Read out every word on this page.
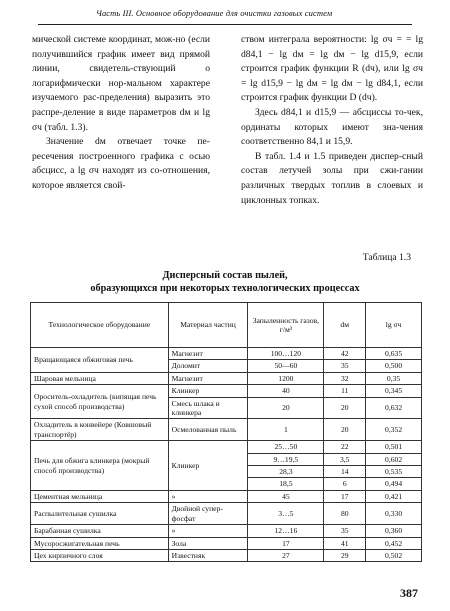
Часть III. Основное оборудование для очистки газовых систем

мической системе координат, мож-но (если получившийся график имеет вид прямой линии, свидетель-ствующий о логарифмически нор-мальном характере изучаемого рас-пределения) выразить это распре-деление в виде параметров dм и lg σч (табл. 1.3).

Значение dм отвечает точке пе-ресечения построенного графика с осью абсцисс, а lg σч находят из со-отношения, которое является свой-

ством интеграла вероятности: lg σч = = lg d84,1 − lg dм = lg dм − lg d15,9, если строится график функции R (dч), или lg σч = lg d15,9 − lg dм = lg dм − lg d84,1, если строится график функции D (dч).

Здесь d84,1 и d15,9 — абсциссы то-чек, ординаты которых имеют зна-чения соответственно 84,1 и 15,9.

В табл. 1.4 и 1.5 приведен диспер-сный состав летучей золы при сжи-гании различных твердых топлив в слоевых и циклонных топках.

Таблица 1.3
Дисперсный состав пылей,
образующихся при некоторых технологических процессах
Технологическое оборудование	Материал частиц	Запыленность газов, г/м³	dм	lg σч
Вращающаяся обжиговая печь	Магнезит	100…120	42	0,635
	Доломит	50—60	35	0,500
Шаровая мельница	Магнезит	1200	32	0,35
Ороситель-охладитель (кипящая печь сухой способ производства)	Клинкер	40	11	0,345
	Смесь шлака и клинкера	20	20	0,632
Охладитель в конвейере (Ковшовый транспортёр)	Осмелованная пыль	1	20	0,352
Печь для обжига клинкера (мокрый способ производства)	Клинкер	25…50	22	0,501
		9…19,5	3,5	0,602
		28,3	14	0,535
		18,5	6	0,494
Цементная мельница	»	45	17	0,421
Распылительная сушилка	Двойной супер-фосфат	3…5	80	0,330
Барабанная сушилка	»	12…16	35	0,360
Мусоросжигательная печь	Зола	17	41	0,452
Цех кирпичного слоя	Известняк	27	29	0,502
387
